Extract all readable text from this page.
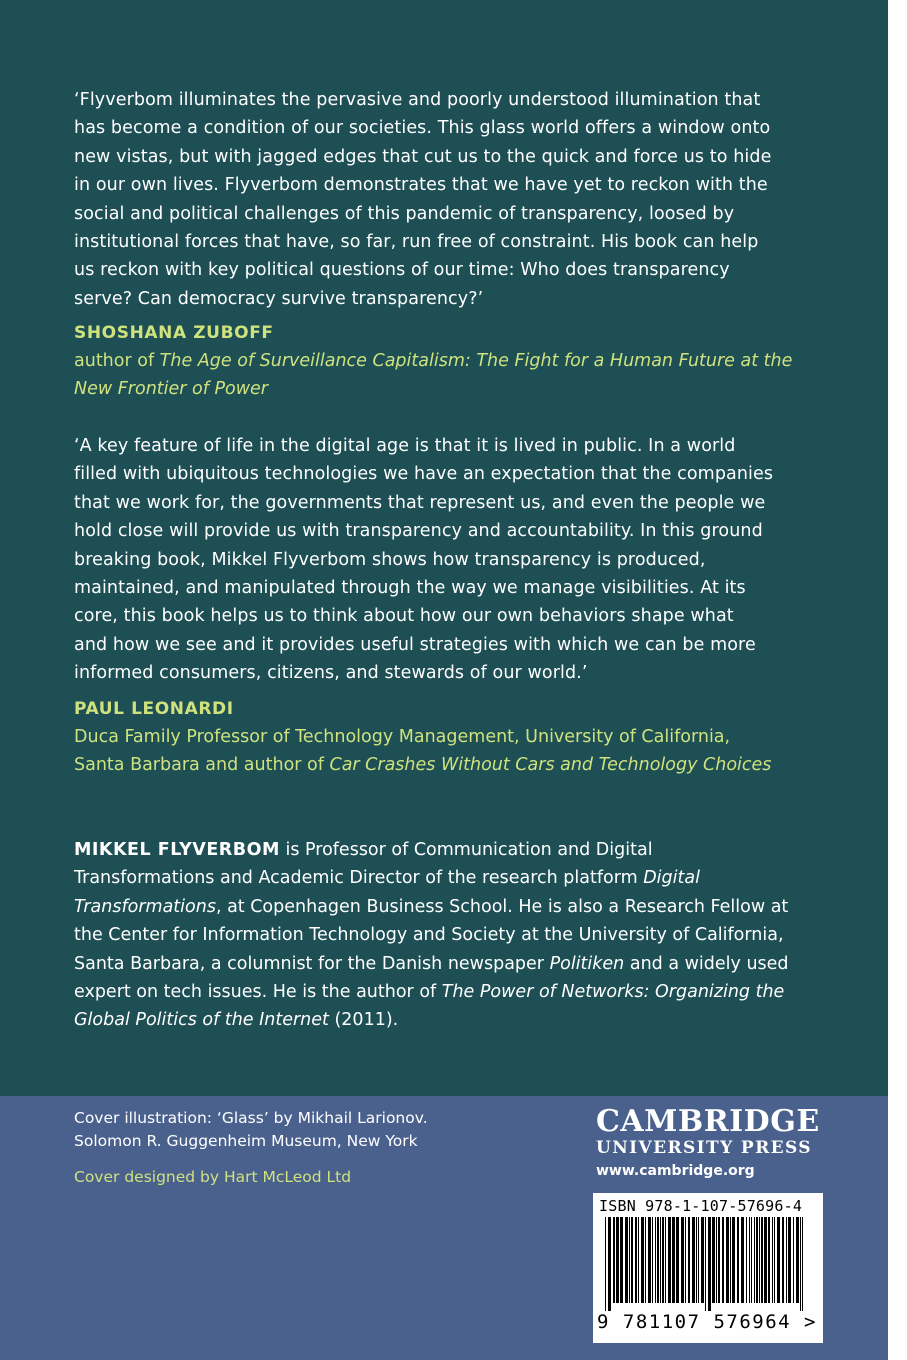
‘Flyverbom illuminates the pervasive and poorly understood illumination that
has become a condition of our societies. This glass world offers a window onto
new vistas, but with jagged edges that cut us to the quick and force us to hide
in our own lives. Flyverbom demonstrates that we have yet to reckon with the
social and political challenges of this pandemic of transparency, loosed by
institutional forces that have, so far, run free of constraint. His book can help
us reckon with key political questions of our time: Who does transparency
serve? Can democracy survive transparency?’

SHOSHANA ZUBOFF

author of The Age of Surveillance Capitalism: The Fight for a Human Future at the New Frontier of Power

‘A key feature of life in the digital age is that it is lived in public. In a world
filled with ubiquitous technologies we have an expectation that the companies
that we work for, the governments that represent us, and even the people we
hold close will provide us with transparency and accountability. In this ground
breaking book, Mikkel Flyverbom shows how transparency is produced,
maintained, and manipulated through the way we manage visibilities. At its
core, this book helps us to think about how our own behaviors shape what
and how we see and it provides useful strategies with which we can be more
informed consumers, citizens, and stewards of our world.’

PAUL LEONARDI

Duca Family Professor of Technology Management, University of California,
Santa Barbara and author of Car Crashes Without Cars and Technology Choices

MIKKEL FLYVERBOM is Professor of Communication and Digital Transformations and Academic Director of the research platform Digital Transformations, at Copenhagen Business School. He is also a Research Fellow at the Center for Information Technology and Society at the University of California, Santa Barbara, a columnist for the Danish newspaper Politiken and a widely used expert on tech issues. He is the author of The Power of Networks: Organizing the Global Politics of the Internet (2011).

Cover illustration: ‘Glass’ by Mikhail Larionov.

Solomon R. Guggenheim Museum, New York

Cover designed by Hart McLeod Ltd

CAMBRIDGE
UNIVERSITY PRESS
www.cambridge.org
ISBN 978-1-107-57696-4
9 781107 576964 >
